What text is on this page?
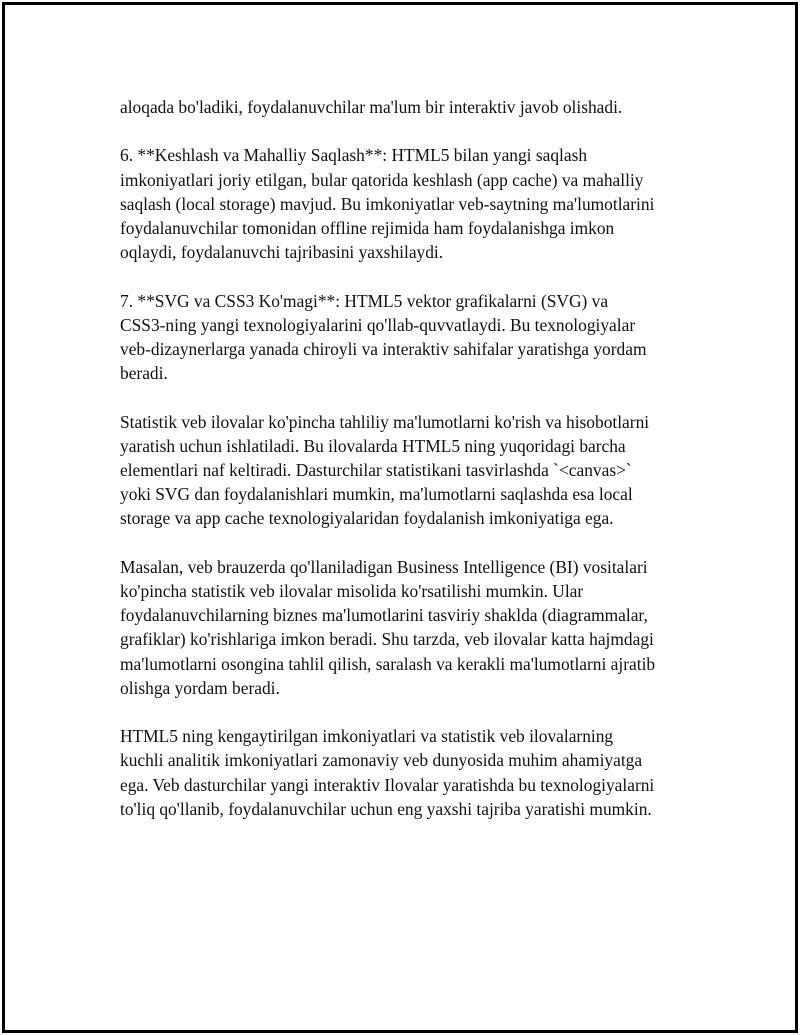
aloqada bo'ladiki, foydalanuvchilar ma'lum bir interaktiv javob olishadi.

6. **Keshlash va Mahalliy Saqlash**: HTML5 bilan yangi saqlash
imkoniyatlari joriy etilgan, bular qatorida keshlash (app cache) va mahalliy
saqlash (local storage) mavjud. Bu imkoniyatlar veb-saytning ma'lumotlarini
foydalanuvchilar tomonidan offline rejimida ham foydalanishga imkon
oqlaydi, foydalanuvchi tajribasini yaxshilaydi.

7. **SVG va CSS3 Ko'magi**: HTML5 vektor grafikalarni (SVG) va
CSS3-ning yangi texnologiyalarini qo'llab-quvvatlaydi. Bu texnologiyalar
veb-dizaynerlarga yanada chiroyli va interaktiv sahifalar yaratishga yordam
beradi.

Statistik veb ilovalar ko'pincha tahliliy ma'lumotlarni ko'rish va hisobotlarni
yaratish uchun ishlatiladi. Bu ilovalarda HTML5 ning yuqoridagi barcha
elementlari naf keltiradi. Dasturchilar statistikani tasvirlashda `<canvas>`
yoki SVG dan foydalanishlari mumkin, ma'lumotlarni saqlashda esa local
storage va app cache texnologiyalaridan foydalanish imkoniyatiga ega.

Masalan, veb brauzerda qo'llaniladigan Business Intelligence (BI) vositalari
ko'pincha statistik veb ilovalar misolida ko'rsatilishi mumkin. Ular
foydalanuvchilarning biznes ma'lumotlarini tasviriy shaklda (diagrammalar,
grafiklar) ko'rishlariga imkon beradi. Shu tarzda, veb ilovalar katta hajmdagi
ma'lumotlarni osongina tahlil qilish, saralash va kerakli ma'lumotlarni ajratib
olishga yordam beradi.

HTML5 ning kengaytirilgan imkoniyatlari va statistik veb ilovalarning
kuchli analitik imkoniyatlari zamonaviy veb dunyosida muhim ahamiyatga
ega. Veb dasturchilar yangi interaktiv Ilovalar yaratishda bu texnologiyalarni
to'liq qo'llanib, foydalanuvchilar uchun eng yaxshi tajriba yaratishi mumkin.
